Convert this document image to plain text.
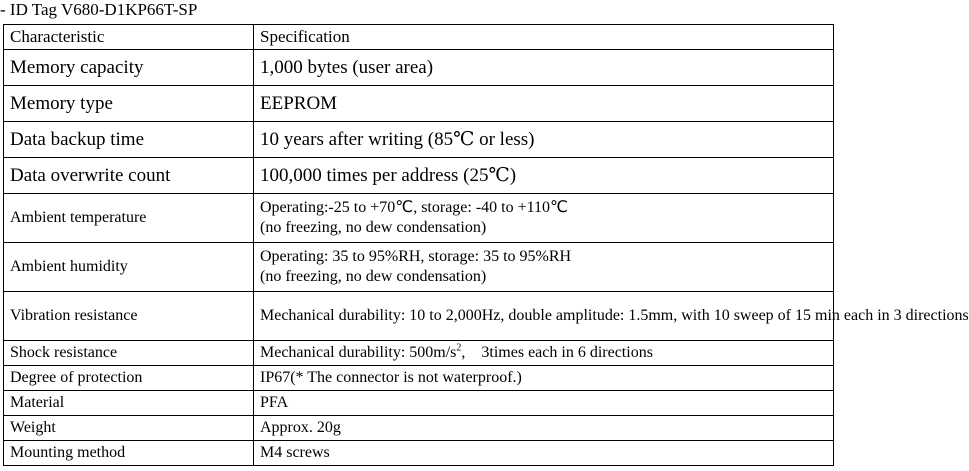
- ID Tag V680-D1KP66T-SP
Characteristic	Specification
Memory capacity	1,000 bytes (user area)
Memory type	EEPROM
Data backup time	10 years after writing (85℃ or less)
Data overwrite count	100,000 times per address (25℃)
Ambient temperature	Operating:-25 to +70℃, storage: -40 to +110℃
(no freezing, no dew condensation)

Ambient humidity	Operating: 35 to 95%RH, storage: 35 to 95%RH
(no freezing, no dew condensation)

Vibration resistance	Mechanical durability: 10 to 2,000Hz, double amplitude: 1.5mm, with 10 sweep of 15 min each in 3 directions
Shock resistance	Mechanical durability: $500m/s^2$,    3times each in 6 directions
Degree of protection	IP67(* The connector is not waterproof.)
Material	PFA
Weight	Approx. 20g
Mounting method	M4 screws
